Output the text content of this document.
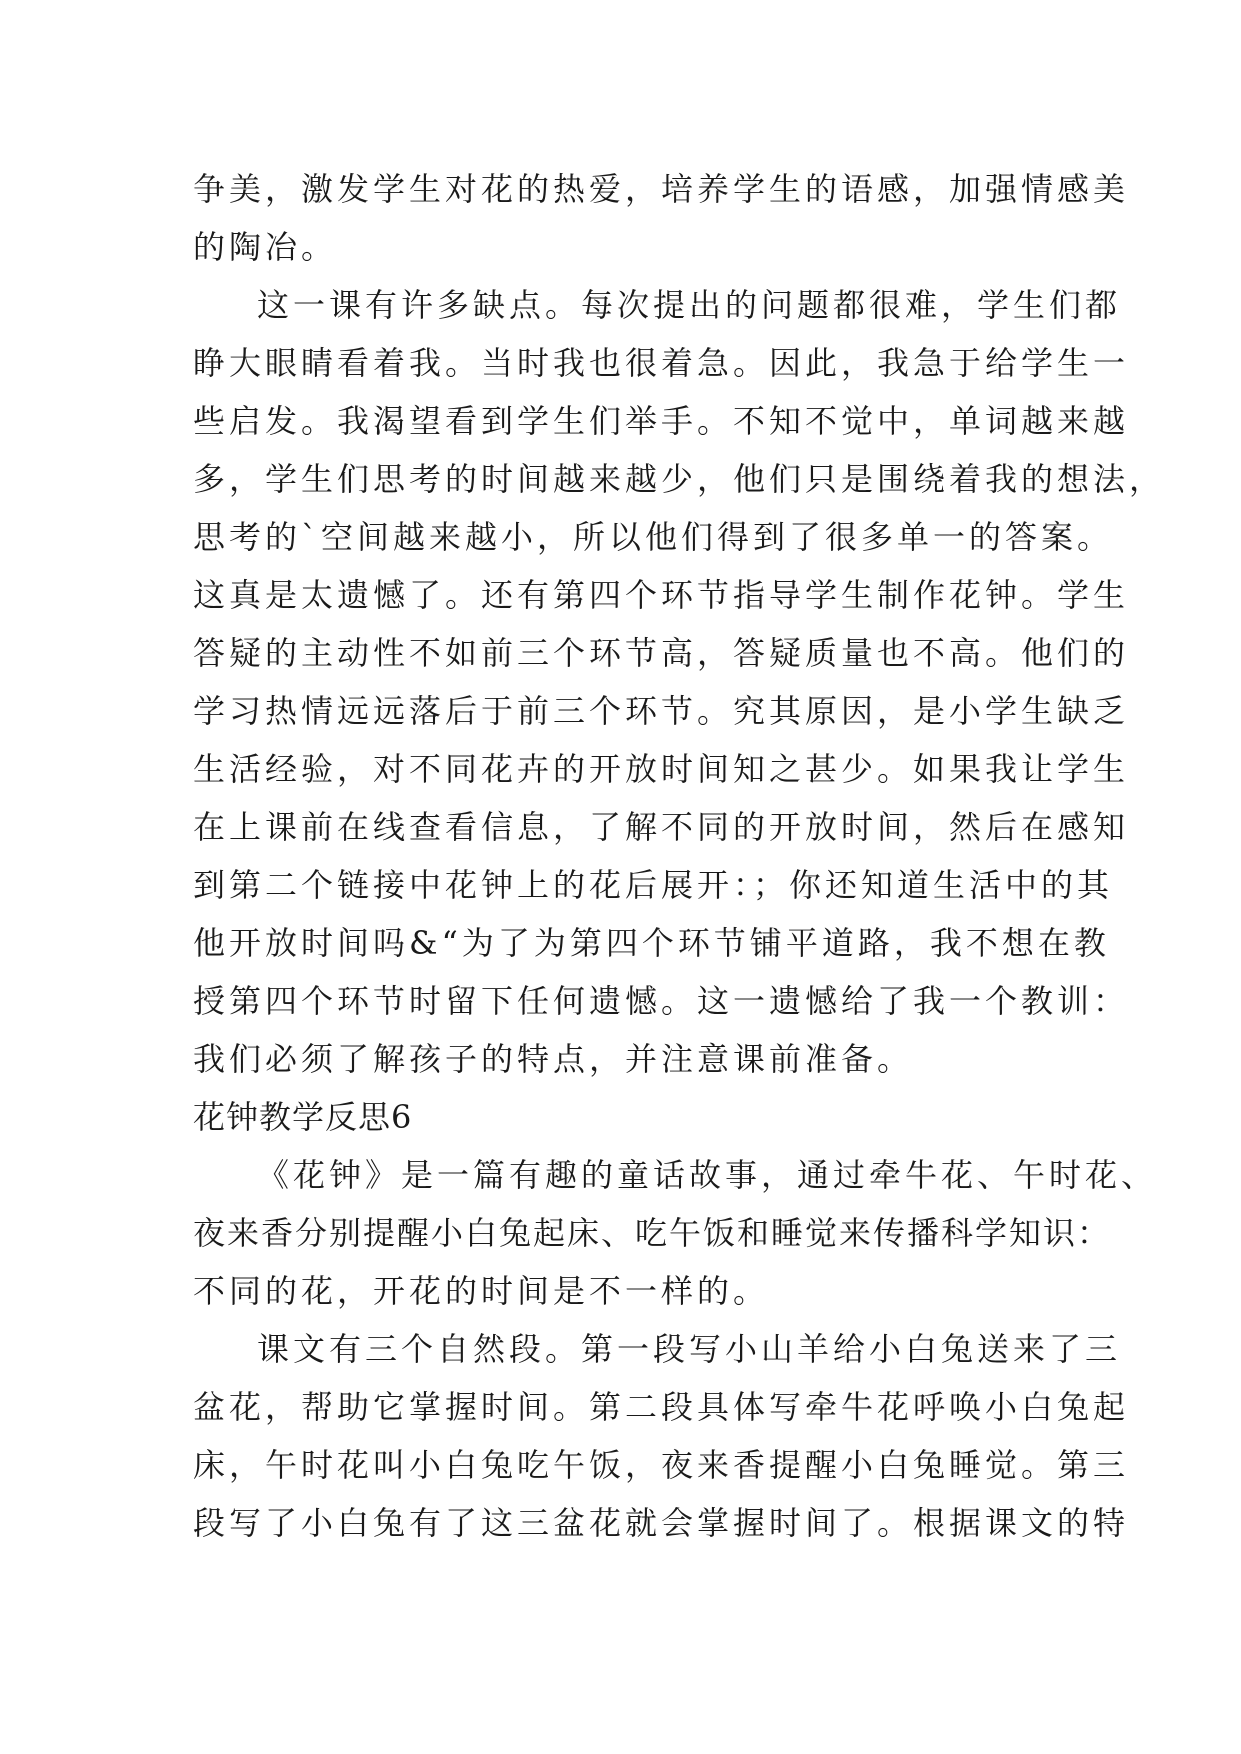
争美，激发学生对花的热爱，培养学生的语感，加强情感美
的陶冶。
这一课有许多缺点。每次提出的问题都很难，学生们都
睁大眼睛看着我。当时我也很着急。因此，我急于给学生一
些启发。我渴望看到学生们举手。不知不觉中，单词越来越
多，学生们思考的时间越来越少，他们只是围绕着我的想法，
思考的`空间越来越小，所以他们得到了很多单一的答案。
这真是太遗憾了。还有第四个环节指导学生制作花钟。学生
答疑的主动性不如前三个环节高，答疑质量也不高。他们的
学习热情远远落后于前三个环节。究其原因，是小学生缺乏
生活经验，对不同花卉的开放时间知之甚少。如果我让学生
在上课前在线查看信息，了解不同的开放时间，然后在感知
到第二个链接中花钟上的花后展开：；你还知道生活中的其
他开放时间吗&“为了为第四个环节铺平道路，我不想在教
授第四个环节时留下任何遗憾。这一遗憾给了我一个教训：
我们必须了解孩子的特点，并注意课前准备。
花钟教学反思6
《花钟》是一篇有趣的童话故事，通过牵牛花、午时花、
夜来香分别提醒小白兔起床、吃午饭和睡觉来传播科学知识：
不同的花，开花的时间是不一样的。
课文有三个自然段。第一段写小山羊给小白兔送来了三
盆花，帮助它掌握时间。第二段具体写牵牛花呼唤小白兔起
床，午时花叫小白兔吃午饭，夜来香提醒小白兔睡觉。第三
段写了小白兔有了这三盆花就会掌握时间了。根据课文的特
